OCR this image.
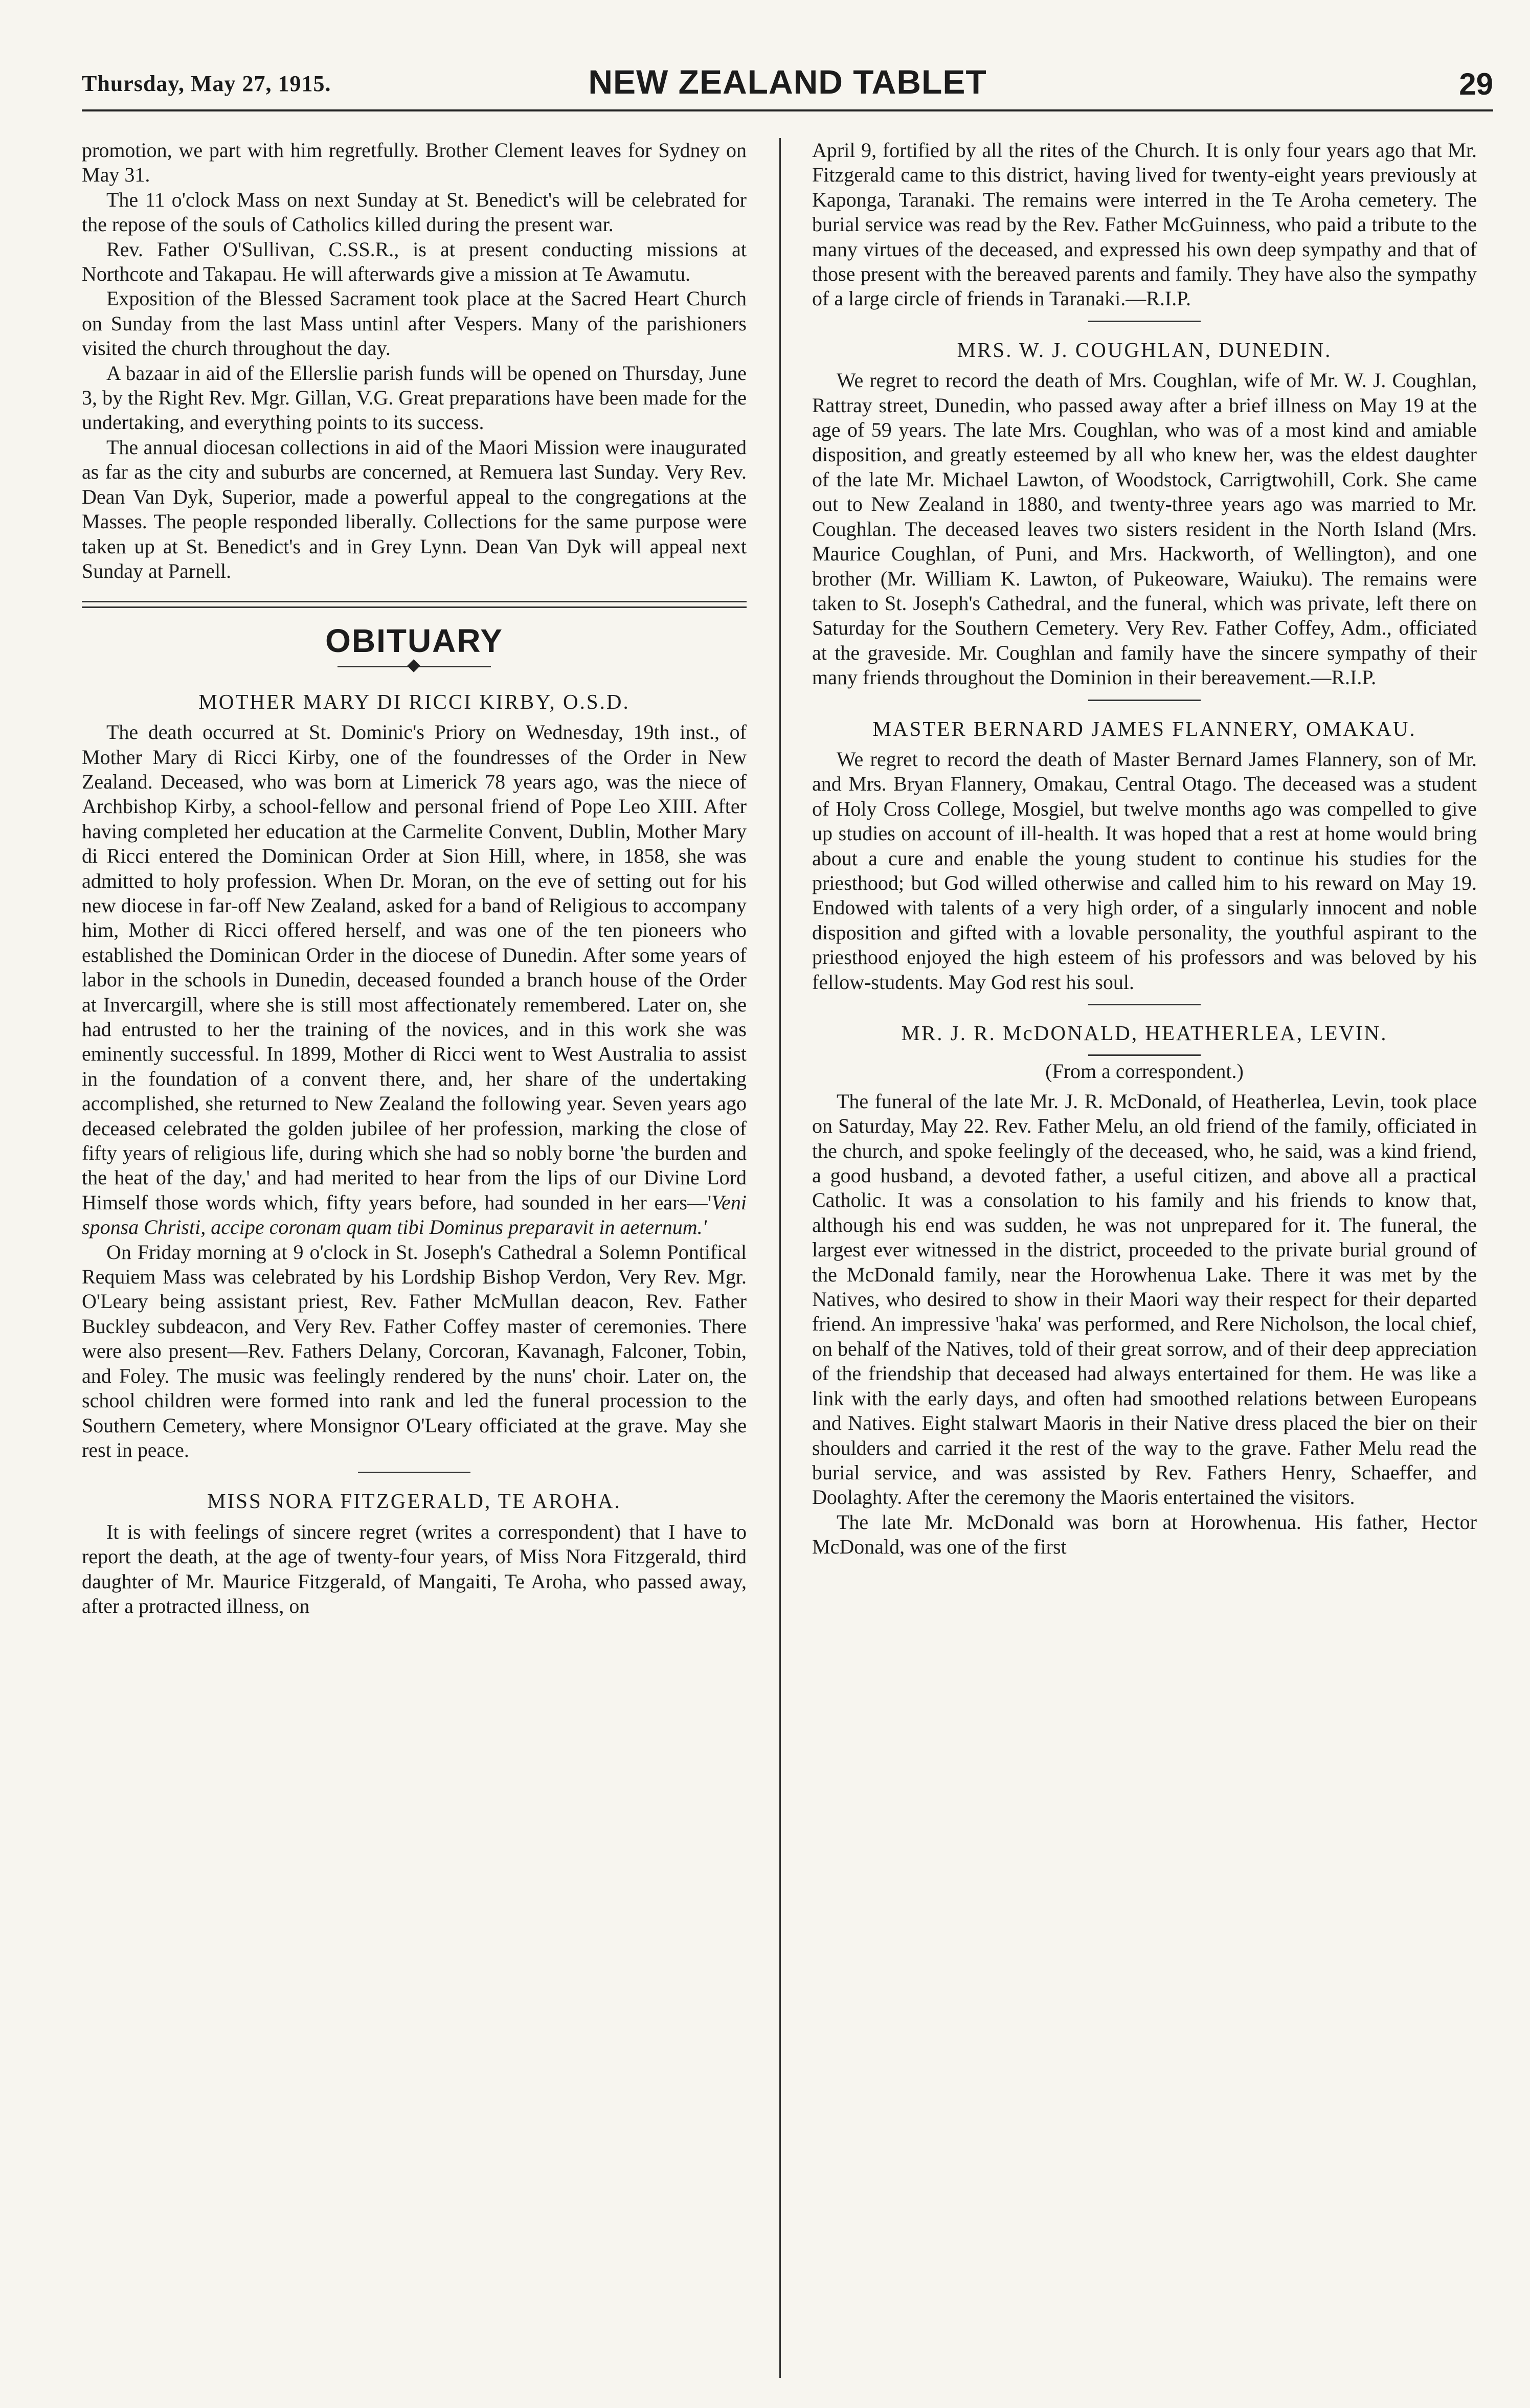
Thursday, May 27, 1915.	NEW ZEALAND TABLET	29

promotion, we part with him regretfully. Brother Clement leaves for Sydney on May 31.

The 11 o'clock Mass on next Sunday at St. Benedict's will be celebrated for the repose of the souls of Catholics killed during the present war.

Rev. Father O'Sullivan, C.SS.R., is at present conducting missions at Northcote and Takapau. He will afterwards give a mission at Te Awamutu.

Exposition of the Blessed Sacrament took place at the Sacred Heart Church on Sunday from the last Mass untinl after Vespers. Many of the parishioners visited the church throughout the day.

A bazaar in aid of the Ellerslie parish funds will be opened on Thursday, June 3, by the Right Rev. Mgr. Gillan, V.G. Great preparations have been made for the undertaking, and everything points to its success.

The annual diocesan collections in aid of the Maori Mission were inaugurated as far as the city and suburbs are concerned, at Remuera last Sunday. Very Rev. Dean Van Dyk, Superior, made a powerful appeal to the congregations at the Masses. The people responded liberally. Collections for the same purpose were taken up at St. Benedict's and in Grey Lynn. Dean Van Dyk will appeal next Sunday at Parnell.

OBITUARY

MOTHER MARY DI RICCI KIRBY, O.S.D.

The death occurred at St. Dominic's Priory on Wednesday, 19th inst., of Mother Mary di Ricci Kirby, one of the foundresses of the Order in New Zealand. Deceased, who was born at Limerick 78 years ago, was the niece of Archbishop Kirby, a school-fellow and personal friend of Pope Leo XIII. After having completed her education at the Carmelite Convent, Dublin, Mother Mary di Ricci entered the Dominican Order at Sion Hill, where, in 1858, she was admitted to holy profession. When Dr. Moran, on the eve of setting out for his new diocese in far-off New Zealand, asked for a band of Religious to accompany him, Mother di Ricci offered herself, and was one of the ten pioneers who established the Dominican Order in the diocese of Dunedin. After some years of labor in the schools in Dunedin, deceased founded a branch house of the Order at Invercargill, where she is still most affectionately remembered. Later on, she had entrusted to her the training of the novices, and in this work she was eminently successful. In 1899, Mother di Ricci went to West Australia to assist in the foundation of a convent there, and, her share of the undertaking accomplished, she returned to New Zealand the following year. Seven years ago deceased celebrated the golden jubilee of her profession, marking the close of fifty years of religious life, during which she had so nobly borne 'the burden and the heat of the day,' and had merited to hear from the lips of our Divine Lord Himself those words which, fifty years before, had sounded in her ears—'Veni sponsa Christi, accipe coronam quam tibi Dominus preparavit in aeternum.'

On Friday morning at 9 o'clock in St. Joseph's Cathedral a Solemn Pontifical Requiem Mass was celebrated by his Lordship Bishop Verdon, Very Rev. Mgr. O'Leary being assistant priest, Rev. Father McMullan deacon, Rev. Father Buckley subdeacon, and Very Rev. Father Coffey master of ceremonies. There were also present—Rev. Fathers Delany, Corcoran, Kavanagh, Falconer, Tobin, and Foley. The music was feelingly rendered by the nuns' choir. Later on, the school children were formed into rank and led the funeral procession to the Southern Cemetery, where Monsignor O'Leary officiated at the grave. May she rest in peace.

MISS NORA FITZGERALD, TE AROHA.

It is with feelings of sincere regret (writes a correspondent) that I have to report the death, at the age of twenty-four years, of Miss Nora Fitzgerald, third daughter of Mr. Maurice Fitzgerald, of Mangaiti, Te Aroha, who passed away, after a protracted illness, on

April 9, fortified by all the rites of the Church. It is only four years ago that Mr. Fitzgerald came to this district, having lived for twenty-eight years previously at Kaponga, Taranaki. The remains were interred in the Te Aroha cemetery. The burial service was read by the Rev. Father McGuinness, who paid a tribute to the many virtues of the deceased, and expressed his own deep sympathy and that of those present with the bereaved parents and family. They have also the sympathy of a large circle of friends in Taranaki.—R.I.P.

MRS. W. J. COUGHLAN, DUNEDIN.

We regret to record the death of Mrs. Coughlan, wife of Mr. W. J. Coughlan, Rattray street, Dunedin, who passed away after a brief illness on May 19 at the age of 59 years. The late Mrs. Coughlan, who was of a most kind and amiable disposition, and greatly esteemed by all who knew her, was the eldest daughter of the late Mr. Michael Lawton, of Woodstock, Carrigtwohill, Cork. She came out to New Zealand in 1880, and twenty-three years ago was married to Mr. Coughlan. The deceased leaves two sisters resident in the North Island (Mrs. Maurice Coughlan, of Puni, and Mrs. Hackworth, of Wellington), and one brother (Mr. William K. Lawton, of Pukeoware, Waiuku). The remains were taken to St. Joseph's Cathedral, and the funeral, which was private, left there on Saturday for the Southern Cemetery. Very Rev. Father Coffey, Adm., officiated at the graveside. Mr. Coughlan and family have the sincere sympathy of their many friends throughout the Dominion in their bereavement.—R.I.P.

MASTER BERNARD JAMES FLANNERY, OMAKAU.

We regret to record the death of Master Bernard James Flannery, son of Mr. and Mrs. Bryan Flannery, Omakau, Central Otago. The deceased was a student of Holy Cross College, Mosgiel, but twelve months ago was compelled to give up studies on account of ill-health. It was hoped that a rest at home would bring about a cure and enable the young student to continue his studies for the priesthood; but God willed otherwise and called him to his reward on May 19. Endowed with talents of a very high order, of a singularly innocent and noble disposition and gifted with a lovable personality, the youthful aspirant to the priesthood enjoyed the high esteem of his professors and was beloved by his fellow-students. May God rest his soul.

MR. J. R. McDONALD, HEATHERLEA, LEVIN.

(From a correspondent.)

The funeral of the late Mr. J. R. McDonald, of Heatherlea, Levin, took place on Saturday, May 22. Rev. Father Melu, an old friend of the family, officiated in the church, and spoke feelingly of the deceased, who, he said, was a kind friend, a good husband, a devoted father, a useful citizen, and above all a practical Catholic. It was a consolation to his family and his friends to know that, although his end was sudden, he was not unprepared for it. The funeral, the largest ever witnessed in the district, proceeded to the private burial ground of the McDonald family, near the Horowhenua Lake. There it was met by the Natives, who desired to show in their Maori way their respect for their departed friend. An impressive 'haka' was performed, and Rere Nicholson, the local chief, on behalf of the Natives, told of their great sorrow, and of their deep appreciation of the friendship that deceased had always entertained for them. He was like a link with the early days, and often had smoothed relations between Europeans and Natives. Eight stalwart Maoris in their Native dress placed the bier on their shoulders and carried it the rest of the way to the grave. Father Melu read the burial service, and was assisted by Rev. Fathers Henry, Schaeffer, and Doolaghty. After the ceremony the Maoris entertained the visitors.

The late Mr. McDonald was born at Horowhenua. His father, Hector McDonald, was one of the first
